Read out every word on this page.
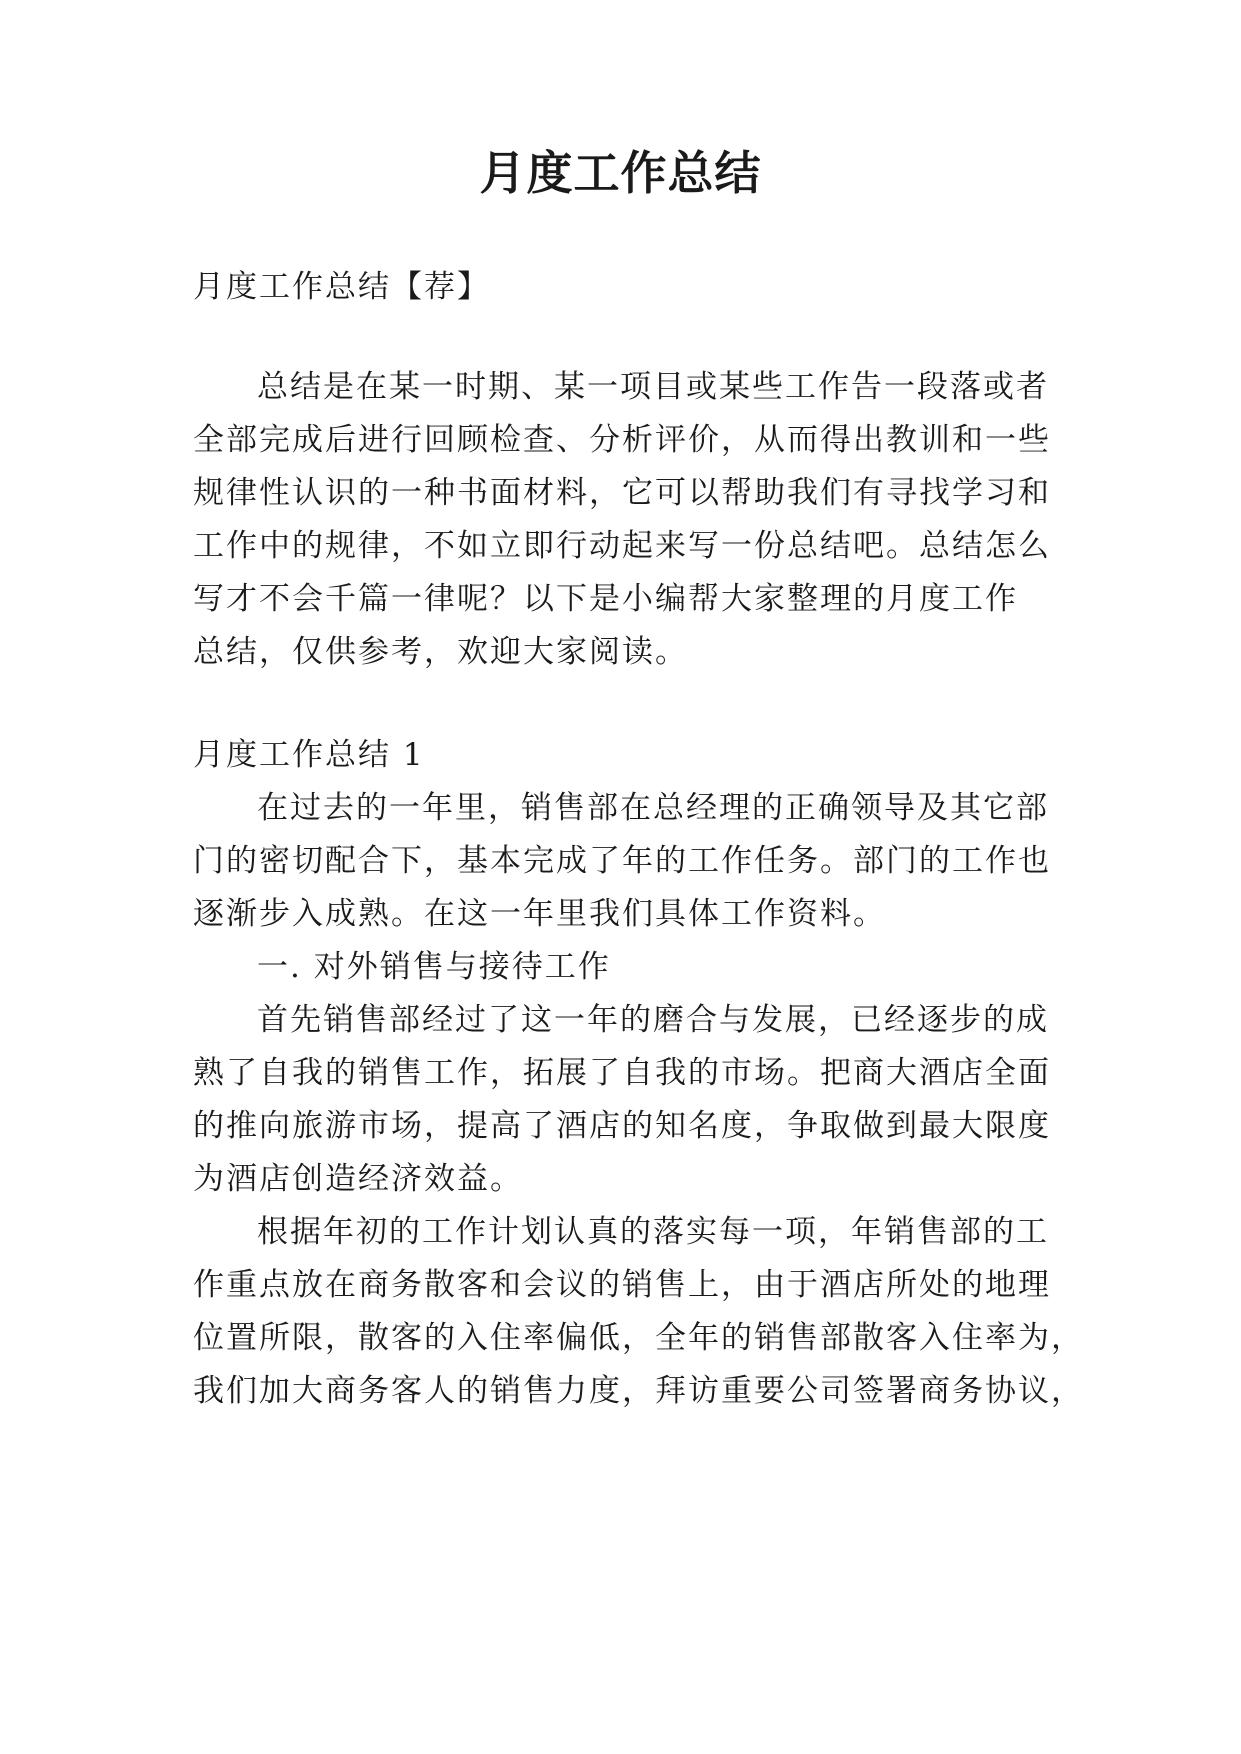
月度工作总结
月度工作总结【荐】
总结是在某一时期、某一项目或某些工作告一段落或者
全部完成后进行回顾检查、分析评价，从而得出教训和一些
规律性认识的一种书面材料，它可以帮助我们有寻找学习和
工作中的规律，不如立即行动起来写一份总结吧。总结怎么
写才不会千篇一律呢？以下是小编帮大家整理的月度工作
总结，仅供参考，欢迎大家阅读。
月度工作总结 1
在过去的一年里，销售部在总经理的正确领导及其它部
门的密切配合下，基本完成了年的工作任务。部门的工作也
逐渐步入成熟。在这一年里我们具体工作资料。
一. 对外销售与接待工作
首先销售部经过了这一年的磨合与发展，已经逐步的成
熟了自我的销售工作，拓展了自我的市场。把商大酒店全面
的推向旅游市场，提高了酒店的知名度，争取做到最大限度
为酒店创造经济效益。
根据年初的工作计划认真的落实每一项，年销售部的工
作重点放在商务散客和会议的销售上，由于酒店所处的地理
位置所限，散客的入住率偏低，全年的销售部散客入住率为，
我们加大商务客人的销售力度，拜访重要公司签署商务协议，
